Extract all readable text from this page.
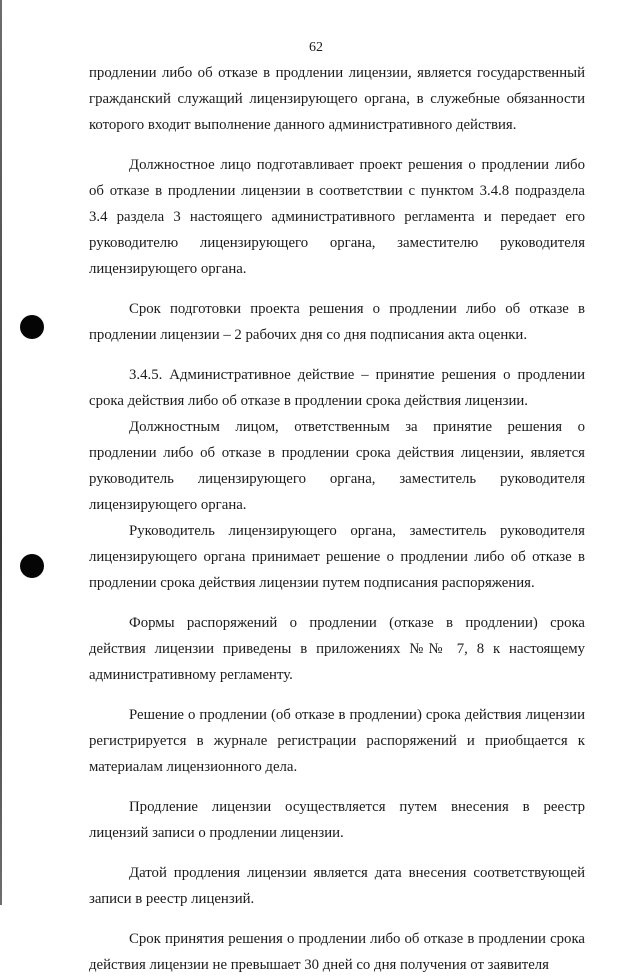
62

продлении либо об отказе в продлении лицензии, является государственный гражданский служащий лицензирующего органа, в служебные обязанности которого входит выполнение данного административного действия.

Должностное лицо подготавливает проект решения о продлении либо об отказе в продлении лицензии в соответствии с пунктом 3.4.8 подраздела 3.4 раздела 3 настоящего административного регламента и передает его руководителю лицензирующего органа, заместителю руководителя лицензирующего органа.

Срок подготовки проекта решения о продлении либо об отказе в продлении лицензии – 2 рабочих дня со дня подписания акта оценки.

3.4.5. Административное действие – принятие решения о продлении срока действия либо об отказе в продлении срока действия лицензии.

Должностным лицом, ответственным за принятие решения о продлении либо об отказе в продлении срока действия лицензии, является руководитель лицензирующего органа, заместитель руководителя лицензирующего органа.

Руководитель лицензирующего органа, заместитель руководителя лицензирующего органа принимает решение о продлении либо об отказе в продлении срока действия лицензии путем подписания распоряжения.

Формы распоряжений о продлении (отказе в продлении) срока действия лицензии приведены в приложениях №№ 7, 8 к настоящему административному регламенту.

Решение о продлении (об отказе в продлении) срока действия лицензии регистрируется в журнале регистрации распоряжений и приобщается к материалам лицензионного дела.

Продление лицензии осуществляется путем внесения в реестр лицензий записи о продлении лицензии.

Датой продления лицензии является дата внесения соответствующей записи в реестр лицензий.

Срок принятия решения о продлении либо об отказе в продлении срока действия лицензии не превышает 30 дней со дня получения от заявителя
